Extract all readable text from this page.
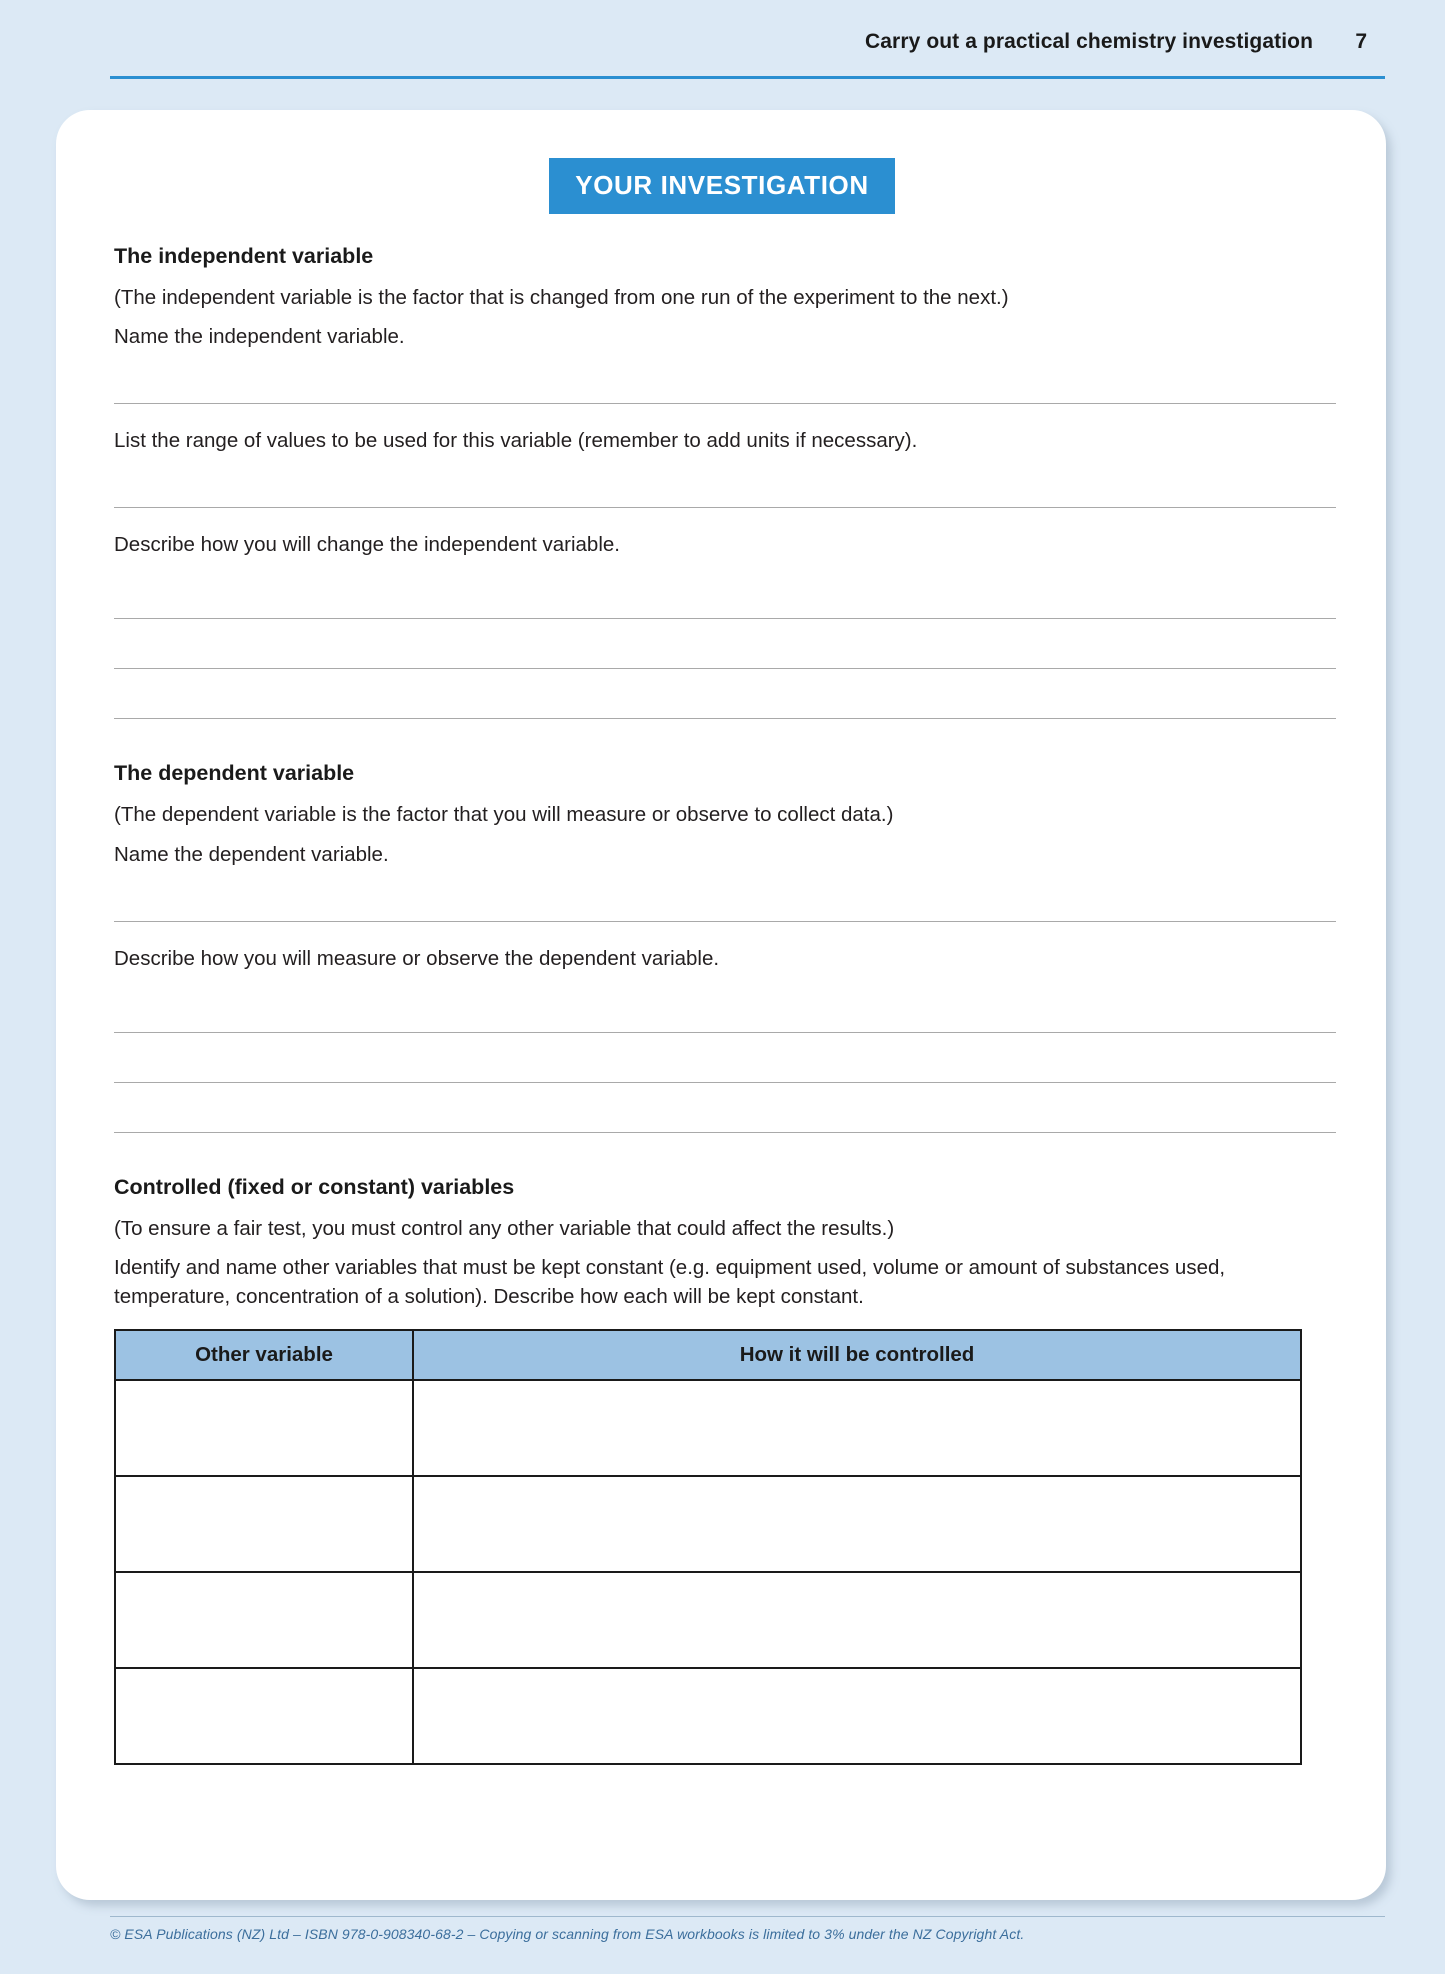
Carry out a practical chemistry investigation 7
YOUR INVESTIGATION
The independent variable

(The independent variable is the factor that is changed from one run of the experiment to the next.)

Name the independent variable.

List the range of values to be used for this variable (remember to add units if necessary).

Describe how you will change the independent variable.

The dependent variable

(The dependent variable is the factor that you will measure or observe to collect data.)

Name the dependent variable.

Describe how you will measure or observe the dependent variable.

Controlled (fixed or constant) variables

(To ensure a fair test, you must control any other variable that could affect the results.)

Identify and name other variables that must be kept constant (e.g. equipment used, volume or amount of substances used, temperature, concentration of a solution). Describe how each will be kept constant.

Other variable	How it will be controlled

© ESA Publications (NZ) Ltd – ISBN 978-0-908340-68-2 – Copying or scanning from ESA workbooks is limited to 3% under the NZ Copyright Act.
